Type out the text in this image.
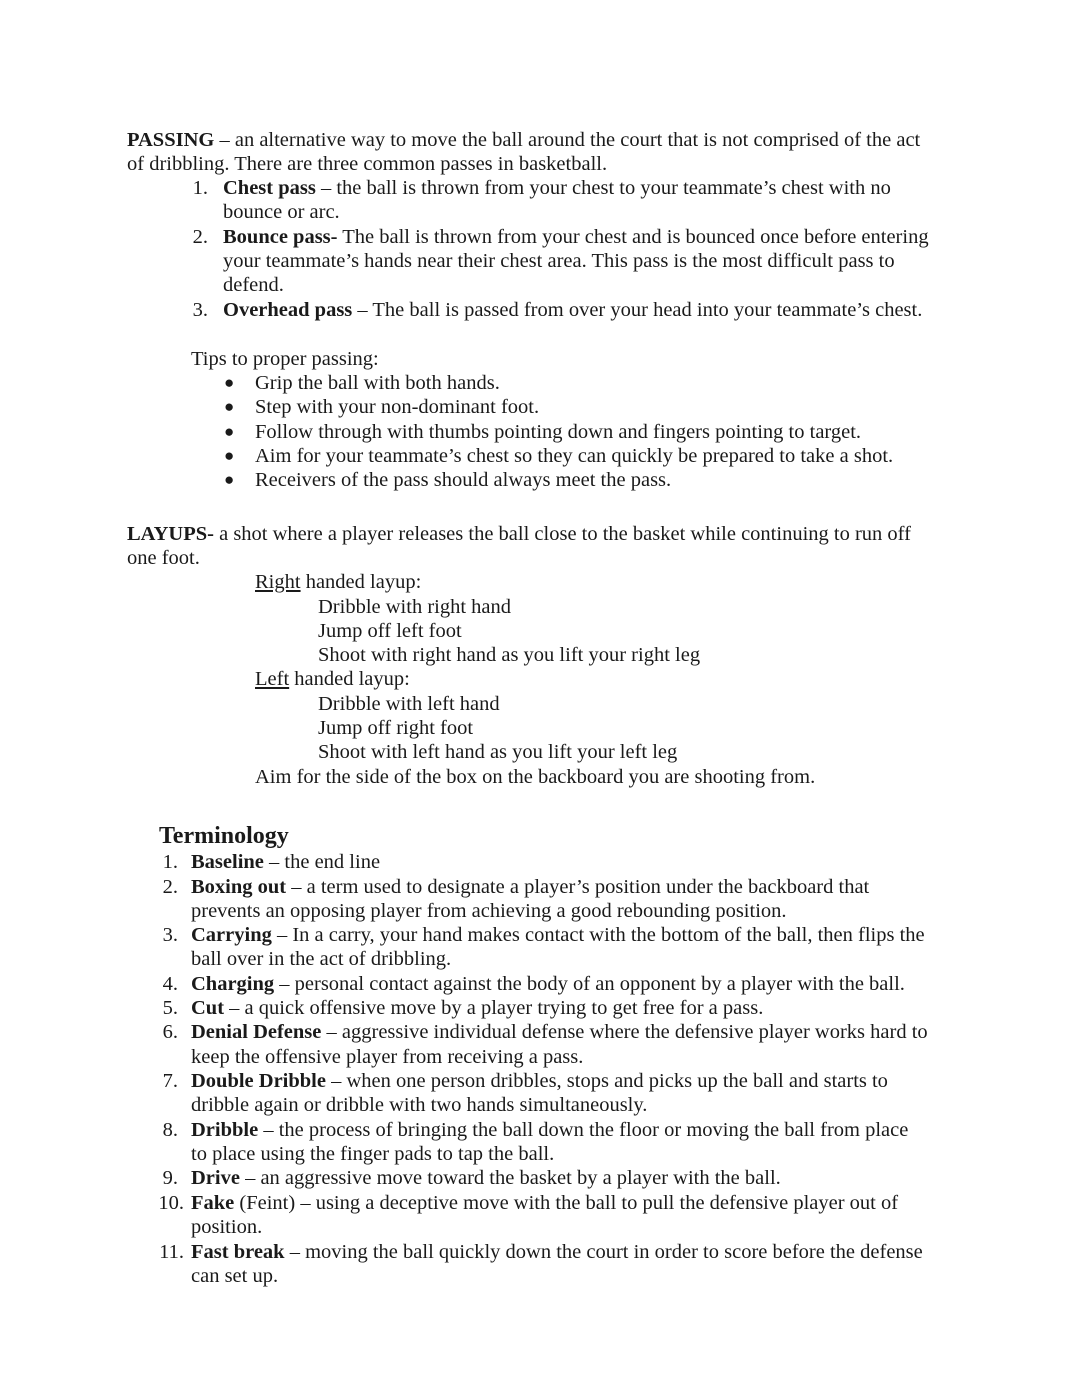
PASSING – an alternative way to move the ball around the court that is not comprised of the act
of dribbling. There are three common passes in basketball.
1. Chest pass – the ball is thrown from your chest to your teammate’s chest with no
bounce or arc.
2. Bounce pass- The ball is thrown from your chest and is bounced once before entering
your teammate’s hands near their chest area. This pass is the most difficult pass to
defend.
3. Overhead pass – The ball is passed from over your head into your teammate’s chest.
Tips to proper passing:
● Grip the ball with both hands.
● Step with your non-dominant foot.
● Follow through with thumbs pointing down and fingers pointing to target.
● Aim for your teammate’s chest so they can quickly be prepared to take a shot.
● Receivers of the pass should always meet the pass.
LAYUPS- a shot where a player releases the ball close to the basket while continuing to run off
one foot.
Right handed layup:
Dribble with right hand
Jump off left foot
Shoot with right hand as you lift your right leg
Left handed layup:
Dribble with left hand
Jump off right foot
Shoot with left hand as you lift your left leg
Aim for the side of the box on the backboard you are shooting from.
Terminology
1. Baseline – the end line
2. Boxing out – a term used to designate a player’s position under the backboard that
prevents an opposing player from achieving a good rebounding position.
3. Carrying – In a carry, your hand makes contact with the bottom of the ball, then flips the
ball over in the act of dribbling.
4. Charging – personal contact against the body of an opponent by a player with the ball.
5. Cut – a quick offensive move by a player trying to get free for a pass.
6. Denial Defense – aggressive individual defense where the defensive player works hard to
keep the offensive player from receiving a pass.
7. Double Dribble – when one person dribbles, stops and picks up the ball and starts to
dribble again or dribble with two hands simultaneously.
8. Dribble – the process of bringing the ball down the floor or moving the ball from place
to place using the finger pads to tap the ball.
9. Drive – an aggressive move toward the basket by a player with the ball.
10. Fake (Feint) – using a deceptive move with the ball to pull the defensive player out of
position.
11. Fast break – moving the ball quickly down the court in order to score before the defense
can set up.
